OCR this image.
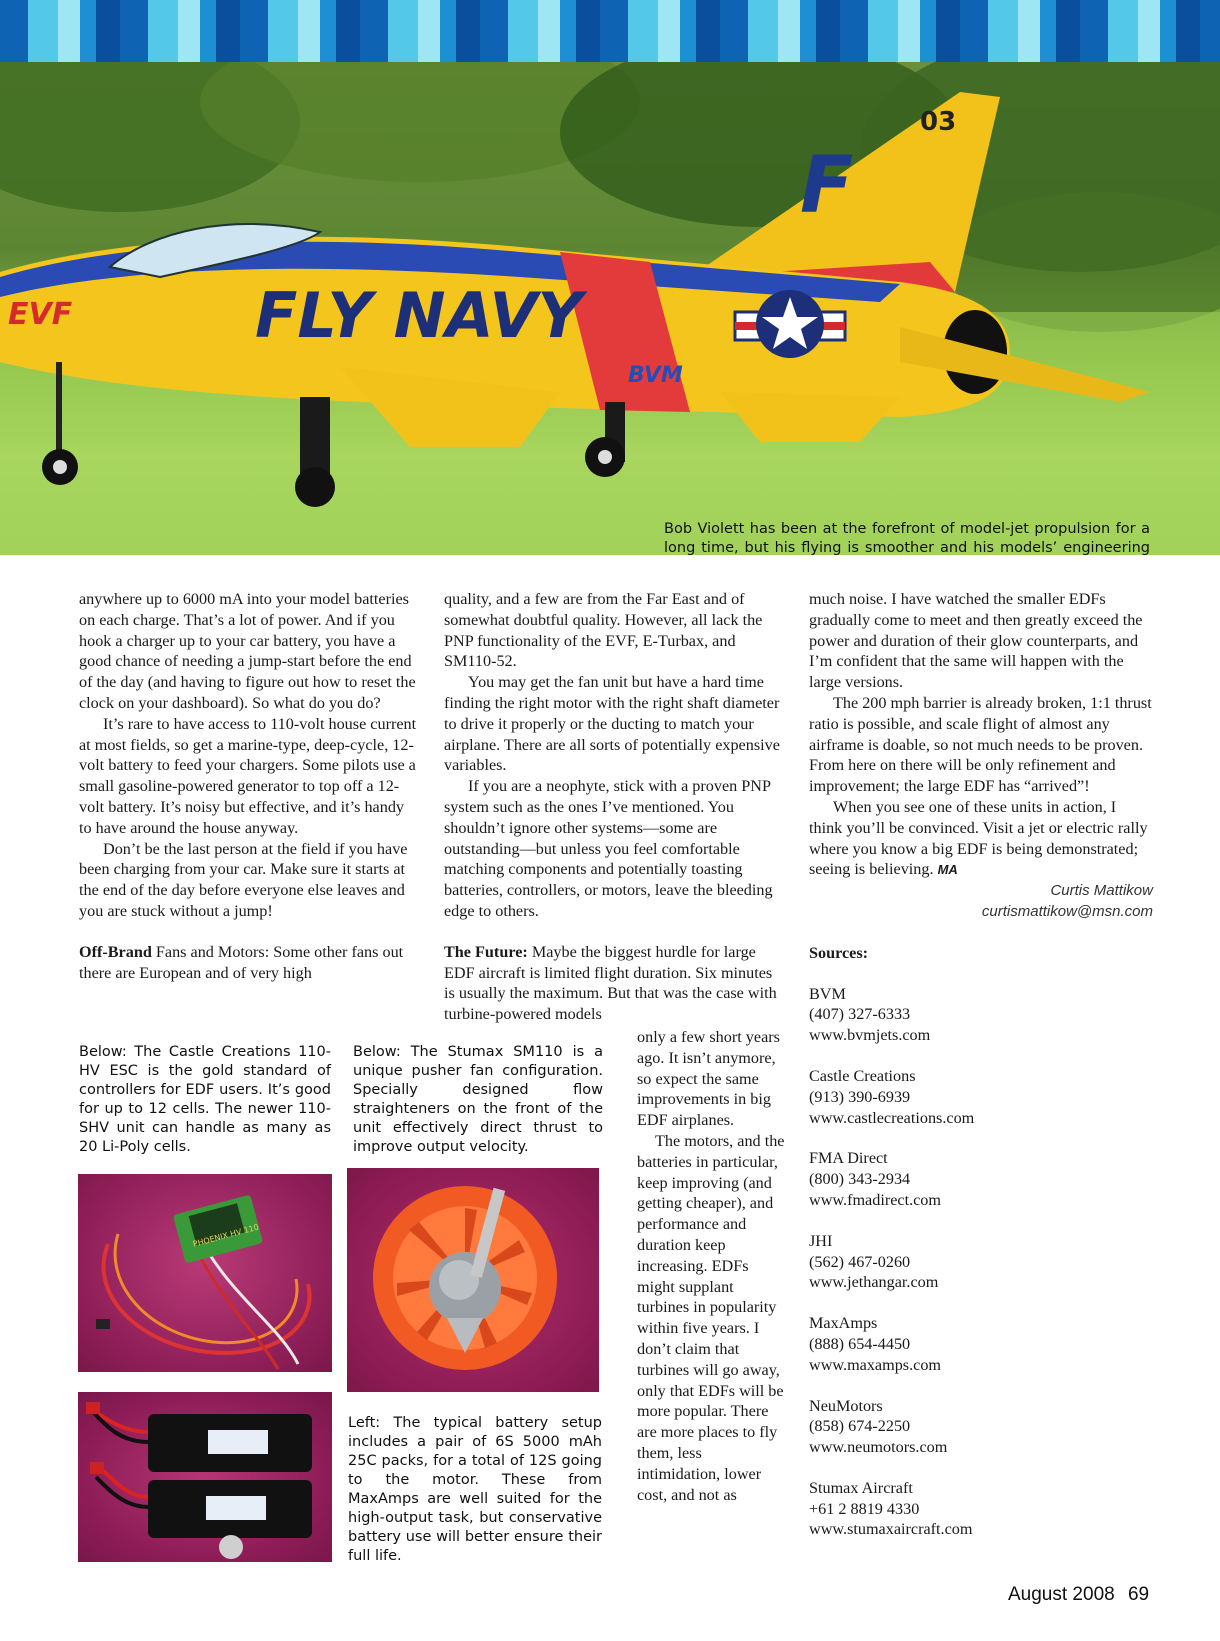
03
F
FLY NAVY
EVF
BVM
Bob Violett has been at the forefront of model-jet propulsion for a long time, but his flying is smoother and his models’ engineering

anywhere up to 6000 mA into your model batteries on each charge. That’s a lot of power. And if you hook a charger up to your car battery, you have a good chance of needing a jump-start before the end of the day (and having to figure out how to reset the clock on your dashboard). So what do you do?

It’s rare to have access to 110-volt house current at most fields, so get a marine-type, deep-cycle, 12-volt battery to feed your chargers. Some pilots use a small gasoline-powered generator to top off a 12-volt battery. It’s noisy but effective, and it’s handy to have around the house anyway.

Don’t be the last person at the field if you have been charging from your car. Make sure it starts at the end of the day before everyone else leaves and you are stuck without a jump!

Off-Brand Fans and Motors: Some other fans out there are European and of very high

quality, and a few are from the Far East and of somewhat doubtful quality. However, all lack the PNP functionality of the EVF, E-Turbax, and SM110-52.

You may get the fan unit but have a hard time finding the right motor with the right shaft diameter to drive it properly or the ducting to match your airplane. There are all sorts of potentially expensive variables.

If you are a neophyte, stick with a proven PNP system such as the ones I’ve mentioned. You shouldn’t ignore other systems—some are outstanding—but unless you feel comfortable matching components and potentially toasting batteries, controllers, or motors, leave the bleeding edge to others.

The Future: Maybe the biggest hurdle for large EDF aircraft is limited flight duration. Six minutes is usually the maximum. But that was the case with turbine-powered models

only a few short years ago. It isn’t anymore, so expect the same improvements in big EDF airplanes.

The motors, and the batteries in particular, keep improving (and getting cheaper), and performance and duration keep increasing. EDFs might supplant turbines in popularity within five years. I don’t claim that turbines will go away, only that EDFs will be more popular. There are more places to fly them, less intimidation, lower cost, and not as

much noise. I have watched the smaller EDFs gradually come to meet and then greatly exceed the power and duration of their glow counterparts, and I’m confident that the same will happen with the large versions.

The 200 mph barrier is already broken, 1:1 thrust ratio is possible, and scale flight of almost any airframe is doable, so not much needs to be proven. From here on there will be only refinement and improvement; the large EDF has “arrived”!

When you see one of these units in action, I think you’ll be convinced. Visit a jet or electric rally where you know a big EDF is being demonstrated; seeing is believing. MA

Curtis Mattikow
curtismattikow@msn.com

Sources:

BVM

(407) 327-6333

www.bvmjets.com

Castle Creations

(913) 390-6939

www.castlecreations.com

FMA Direct

(800) 343-2934

www.fmadirect.com

JHI

(562) 467-0260

www.jethangar.com

MaxAmps

(888) 654-4450

www.maxamps.com

NeuMotors

(858) 674-2250

www.neumotors.com

Stumax Aircraft

+61 2 8819 4330

www.stumaxaircraft.com

Below: The Castle Creations 110-HV ESC is the gold standard of controllers for EDF users. It’s good for up to 12 cells. The newer 110-SHV unit can handle as many as 20 Li-Poly cells.
Below: The Stumax SM110 is a unique pusher fan configuration. Specially designed flow straighteners on the front of the unit effectively direct thrust to improve output velocity.
Left: The typical battery setup includes a pair of 6S 5000 mAh 25C packs, for a total of 12S going to the motor. These from MaxAmps are well suited for the high-output task, but conservative battery use will better ensure their full life.
PHOENIX HV 110
August 2008 69
